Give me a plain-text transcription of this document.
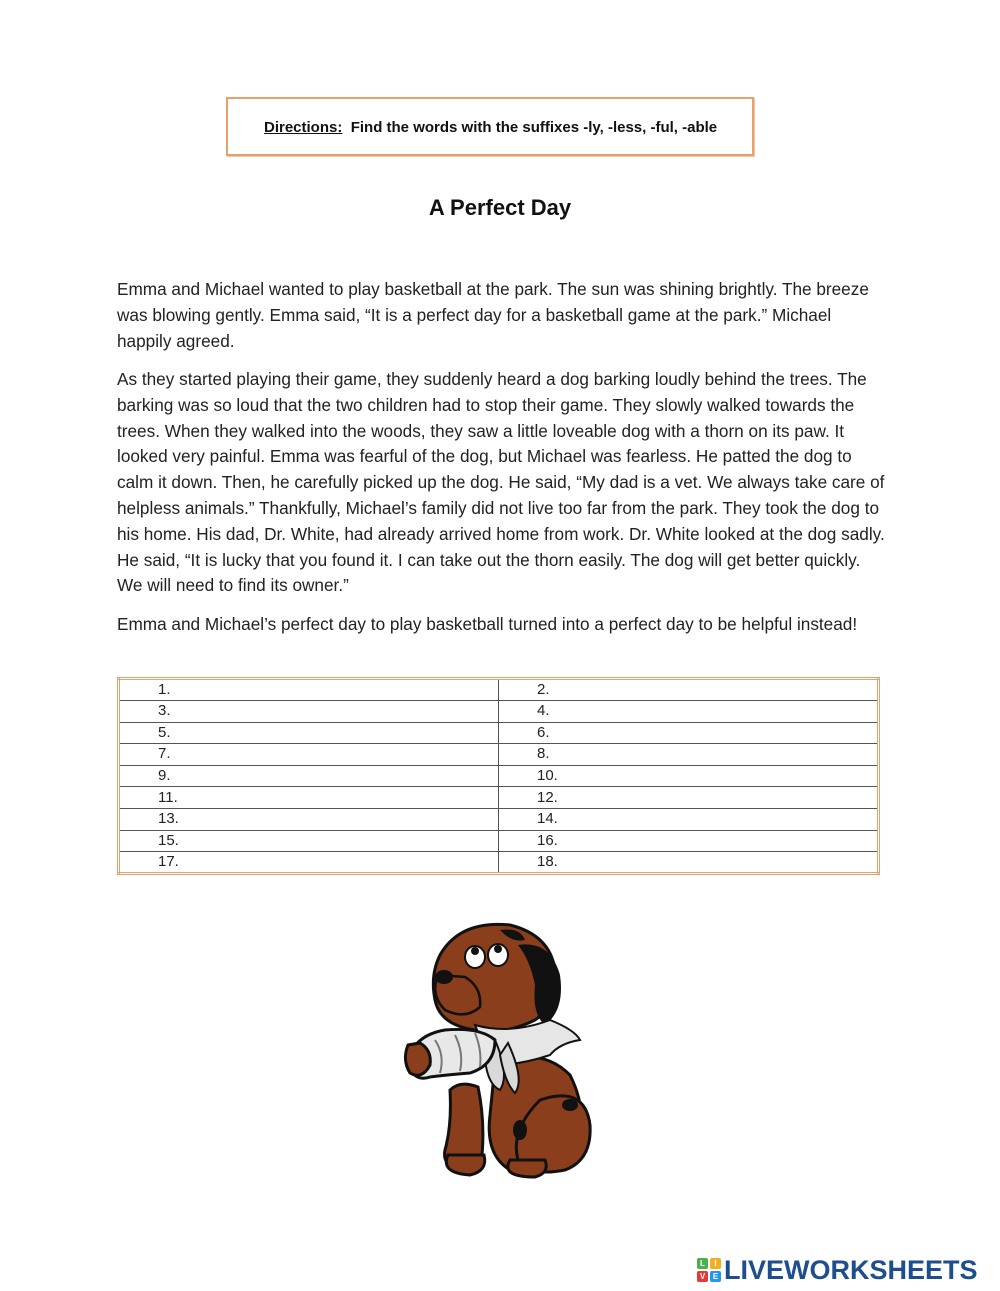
Directions: Find the words with the suffixes -ly, -less, -ful, -able
A Perfect Day
Emma and Michael wanted to play basketball at the park. The sun was shining brightly. The breeze was blowing gently. Emma said, “It is a perfect day for a basketball game at the park.” Michael happily agreed.
As they started playing their game, they suddenly heard a dog barking loudly behind the trees. The barking was so loud that the two children had to stop their game. They slowly walked towards the trees. When they walked into the woods, they saw a little loveable dog with a thorn on its paw. It looked very painful. Emma was fearful of the dog, but Michael was fearless. He patted the dog to calm it down. Then, he carefully picked up the dog. He said, “My dad is a vet. We always take care of helpless animals.” Thankfully, Michael’s family did not live too far from the park. They took the dog to his home. His dad, Dr. White, had already arrived home from work. Dr. White looked at the dog sadly. He said, “It is lucky that you found it. I can take out the thorn easily. The dog will get better quickly. We will need to find its owner.”
Emma and Michael’s perfect day to play basketball turned into a perfect day to be helpful instead!
1.	2.
3.	4.
5.	6.
7.	8.
9.	10.
11.	12.
13.	14.
15.	16.
17.	18.
L	I
V E LIVEWORKSHEETS
